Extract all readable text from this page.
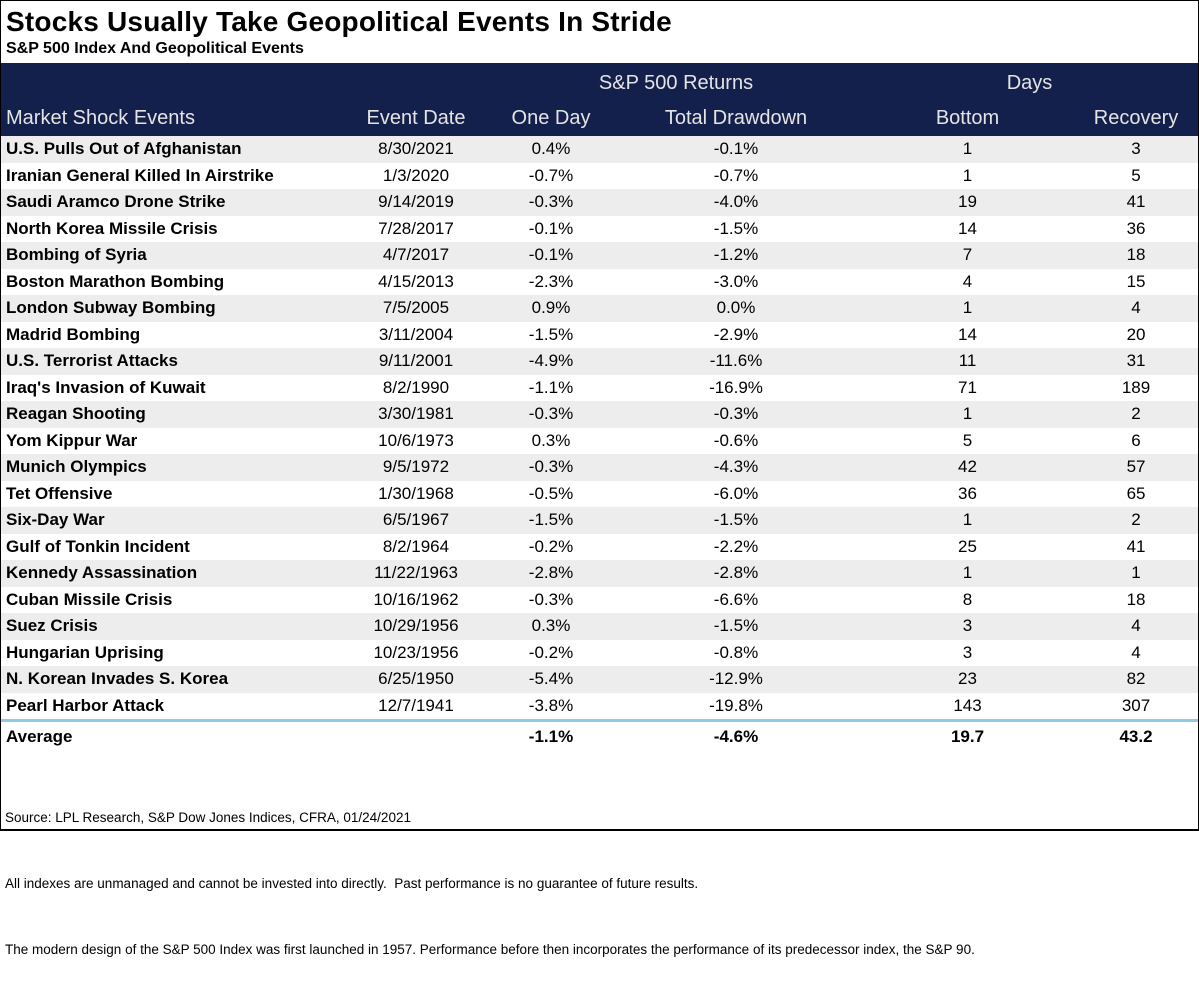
Stocks Usually Take Geopolitical Events In Stride
S&P 500 Index And Geopolitical Events
		S&P 500 Returns		Days	
Market Shock Events	Event Date	One Day	Total Drawdown	Bottom	Recovery
U.S. Pulls Out of Afghanistan	8/30/2021	0.4%	-0.1%	1	3
Iranian General Killed In Airstrike	1/3/2020	-0.7%	-0.7%	1	5
Saudi Aramco Drone Strike	9/14/2019	-0.3%	-4.0%	19	41
North Korea Missile Crisis	7/28/2017	-0.1%	-1.5%	14	36
Bombing of Syria	4/7/2017	-0.1%	-1.2%	7	18
Boston Marathon Bombing	4/15/2013	-2.3%	-3.0%	4	15
London Subway Bombing	7/5/2005	0.9%	0.0%	1	4
Madrid Bombing	3/11/2004	-1.5%	-2.9%	14	20
U.S. Terrorist Attacks	9/11/2001	-4.9%	-11.6%	11	31
Iraq's Invasion of Kuwait	8/2/1990	-1.1%	-16.9%	71	189
Reagan Shooting	3/30/1981	-0.3%	-0.3%	1	2
Yom Kippur War	10/6/1973	0.3%	-0.6%	5	6
Munich Olympics	9/5/1972	-0.3%	-4.3%	42	57
Tet Offensive	1/30/1968	-0.5%	-6.0%	36	65
Six-Day War	6/5/1967	-1.5%	-1.5%	1	2
Gulf of Tonkin Incident	8/2/1964	-0.2%	-2.2%	25	41
Kennedy Assassination	11/22/1963	-2.8%	-2.8%	1	1
Cuban Missile Crisis	10/16/1962	-0.3%	-6.6%	8	18
Suez Crisis	10/29/1956	0.3%	-1.5%	3	4
Hungarian Uprising	10/23/1956	-0.2%	-0.8%	3	4
N. Korean Invades S. Korea	6/25/1950	-5.4%	-12.9%	23	82
Pearl Harbor Attack	12/7/1941	-3.8%	-19.8%	143	307
Average		-1.1%	-4.6%	19.7	43.2

Source: LPL Research, S&P Dow Jones Indices, CFRA, 01/24/2021

All indexes are unmanaged and cannot be invested into directly.  Past performance is no guarantee of future results.

The modern design of the S&P 500 Index was first launched in 1957. Performance before then incorporates the performance of its predecessor index, the S&P 90.
